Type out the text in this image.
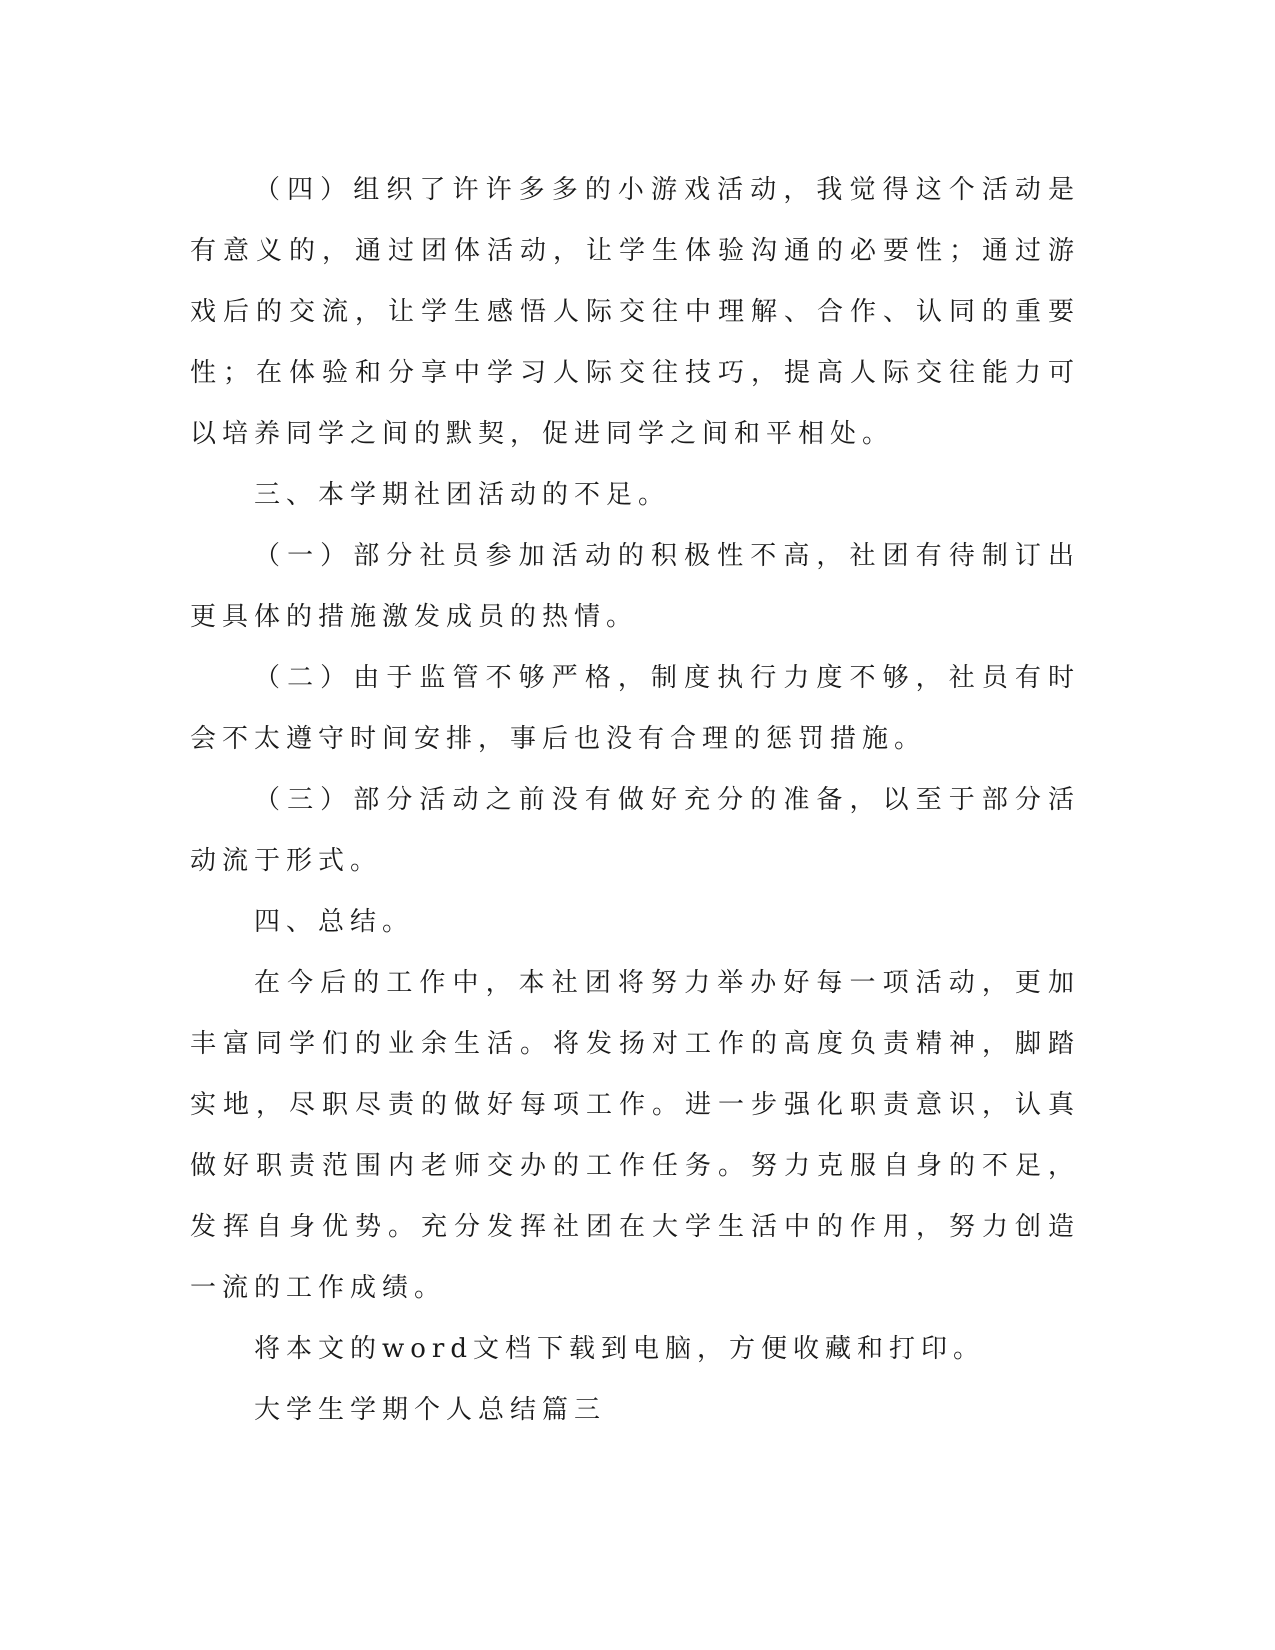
（四）组织了许许多多的小游戏活动，我觉得这个活动是有意义的，通过团体活动，让学生体验沟通的必要性；通过游戏后的交流，让学生感悟人际交往中理解、合作、认同的重要性；在体验和分享中学习人际交往技巧，提高人际交往能力可以培养同学之间的默契，促进同学之间和平相处。

三、本学期社团活动的不足。

（一）部分社员参加活动的积极性不高，社团有待制订出更具体的措施激发成员的热情。

（二）由于监管不够严格，制度执行力度不够，社员有时会不太遵守时间安排，事后也没有合理的惩罚措施。

（三）部分活动之前没有做好充分的准备，以至于部分活动流于形式。

四、总结。

在今后的工作中，本社团将努力举办好每一项活动，更加丰富同学们的业余生活。将发扬对工作的高度负责精神，脚踏实地，尽职尽责的做好每项工作。进一步强化职责意识，认真做好职责范围内老师交办的工作任务。努力克服自身的不足，发挥自身优势。充分发挥社团在大学生活中的作用，努力创造一流的工作成绩。

将本文的word文档下载到电脑，方便收藏和打印。

大学生学期个人总结篇三
